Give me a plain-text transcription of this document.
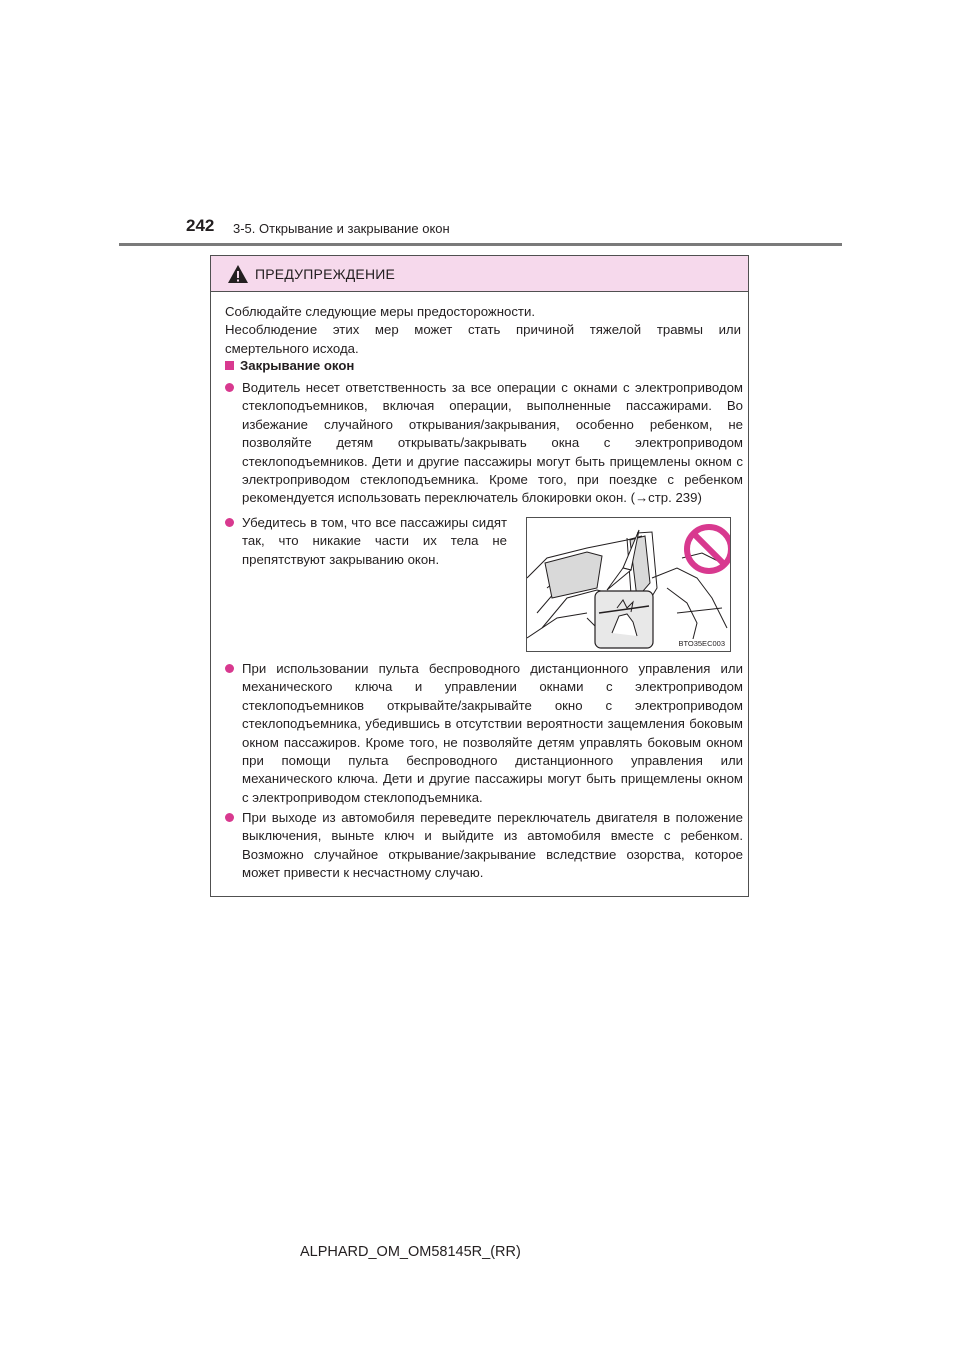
242 3-5. Открывание и закрывание окон
ПРЕДУПРЕЖДЕНИЕ
Соблюдайте следующие меры предосторожности.
Несоблюдение этих мер может стать причиной тяжелой травмы или
смертельного исхода.
Закрывание окон
Водитель несет ответственность за все операции с окнами с электроприводом стеклоподъемников, включая операции, выполненные пассажирами. Во избежание случайного открывания/закрывания, особенно ребенком, не позволяйте детям открывать/закрывать окна с электроприводом стеклоподъемников. Дети и другие пассажиры могут быть прищемлены окном с электроприводом стеклоподъемника. Кроме того, при поездке с ребенком рекомендуется использовать переключатель блокировки окон. (→стр. 239)
Убедитесь в том, что все пассажиры сидят так, что никакие части их тела не препятствуют закрыванию окон.
BTO35EC003
При использовании пульта беспроводного дистанционного управления или механического ключа и управлении окнами с электроприводом стеклоподъемников открывайте/закрывайте окно с электроприводом стеклоподъемника, убедившись в отсутствии вероятности защемления боковым окном пассажиров. Кроме того, не позволяйте детям управлять боковым окном при помощи пульта беспроводного дистанционного управления или механического ключа. Дети и другие пассажиры могут быть прищемлены окном с электроприводом стеклоподъемника.
При выходе из автомобиля переведите переключатель двигателя в положение выключения, выньте ключ и выйдите из автомобиля вместе с ребенком. Возможно случайное открывание/закрывание вследствие озорства, которое может привести к несчастному случаю.
ALPHARD_OM_OM58145R_(RR)
